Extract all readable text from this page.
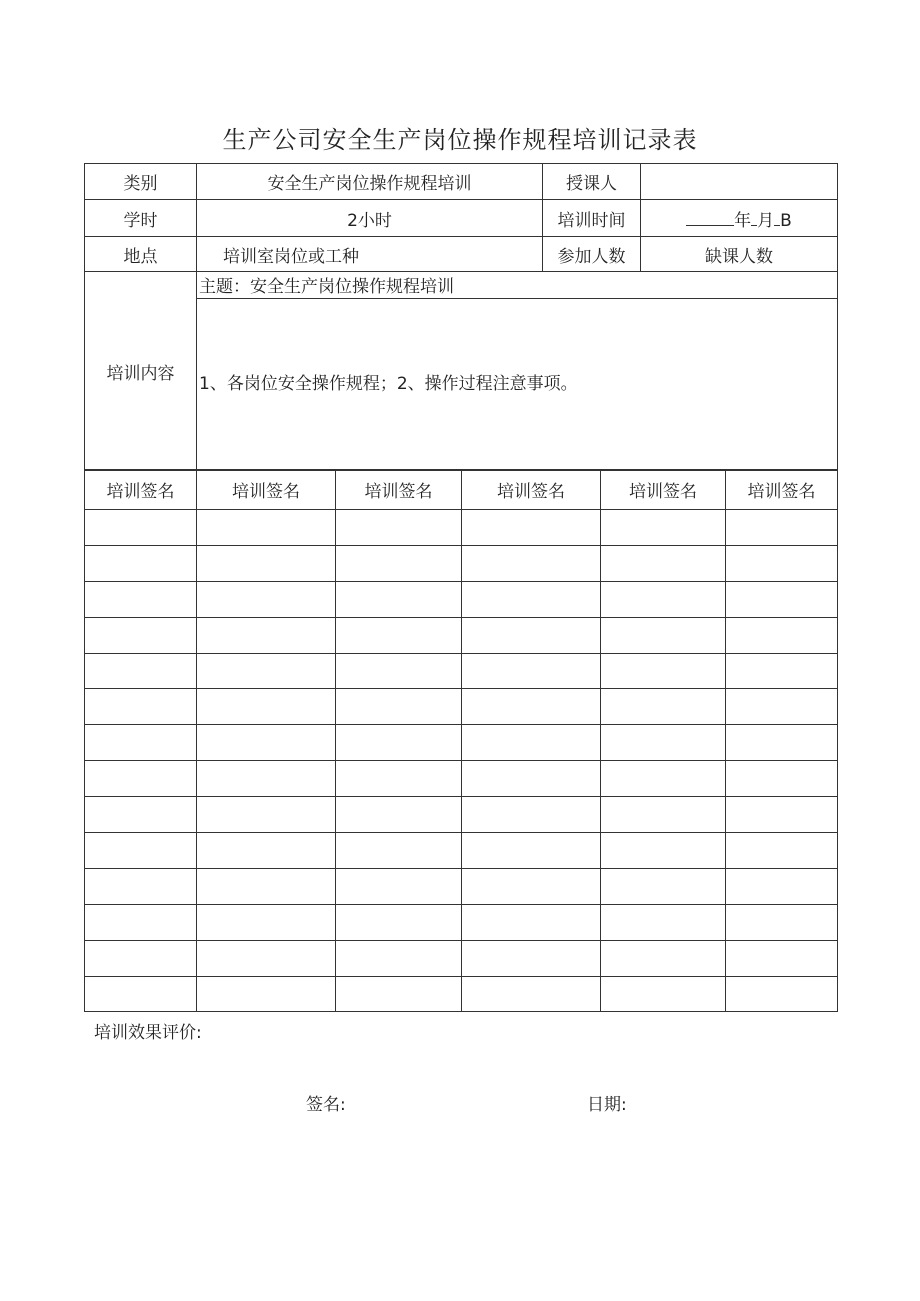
生产公司安全生产岗位操作规程培训记录表
类别	安全生产岗位操作规程培训	授课人	
学时	2小时	培训时间	年 月 B
地点	培训室岗位或工种	参加人数	缺课人数
培训内容	主题：安全生产岗位操作规程培训
1、各岗位安全操作规程；2、操作过程注意事项。		
培训签名	培训签名	培训签名	培训签名	培训签名	培训签名

培训效果评价:
签名:	日期:
